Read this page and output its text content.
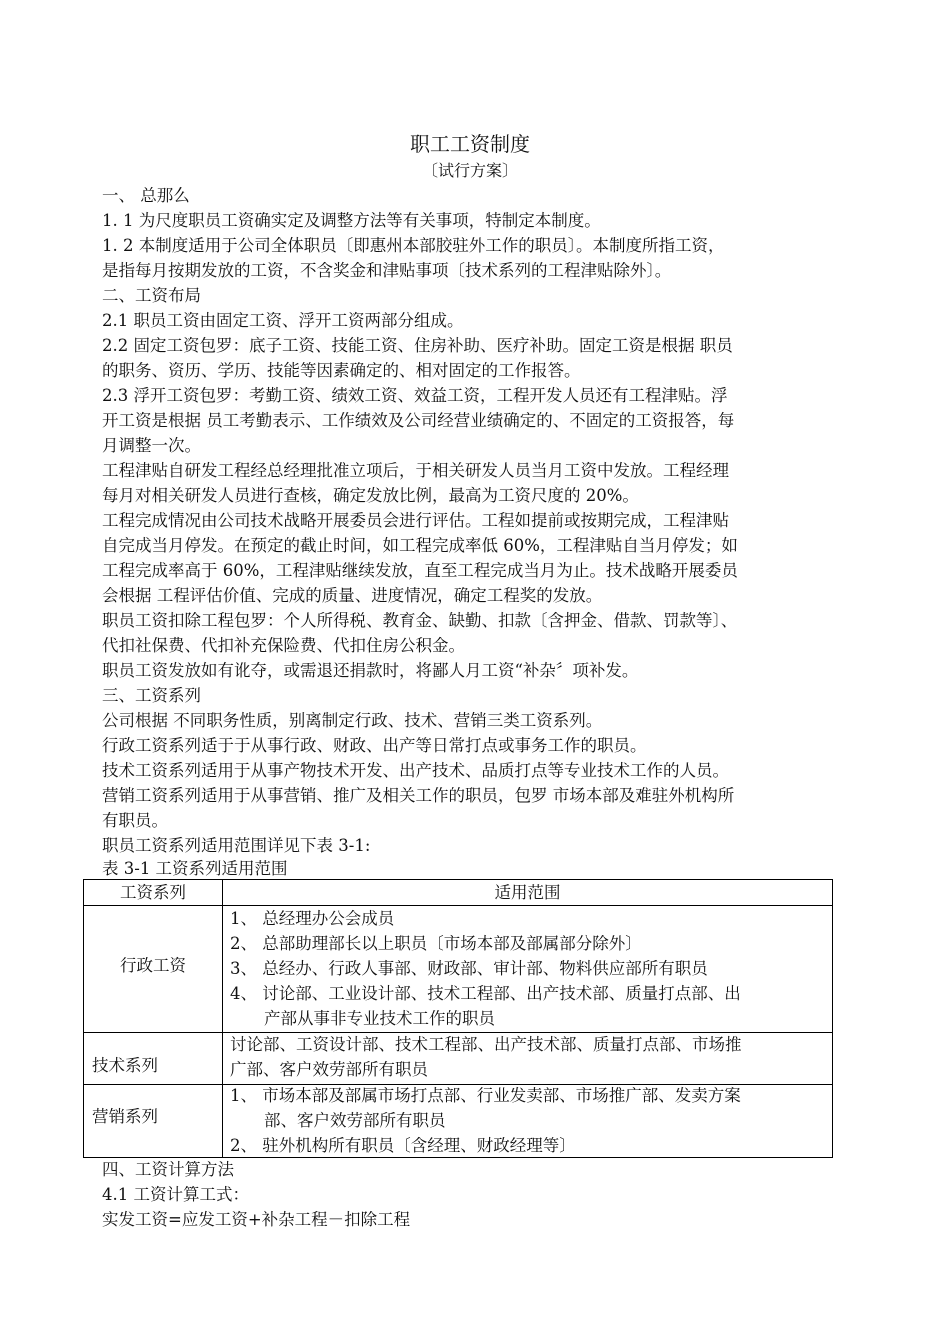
职工工资制度
〔试行方案〕
一、 总那么
1. 1 为尺度职员工资确实定及调整方法等有关事项，特制定本制度。
1. 2 本制度适用于公司全体职员〔即惠州本部胶驻外工作的职员〕。本制度所指工资，
是指每月按期发放的工资，不含奖金和津贴事项〔技术系列的工程津贴除外〕。
二、工资布局
2.1 职员工资由固定工资、浮开工资两部分组成。
2.2 固定工资包罗：底子工资、技能工资、住房补助、医疗补助。固定工资是根据 职员
的职务、资历、学历、技能等因素确定的、相对固定的工作报答。
2.3 浮开工资包罗：考勤工资、绩效工资、效益工资，工程开发人员还有工程津贴。浮
开工资是根据 员工考勤表示、工作绩效及公司经营业绩确定的、不固定的工资报答，每
月调整一次。
工程津贴自研发工程经总经理批准立项后，于相关研发人员当月工资中发放。工程经理
每月对相关研发人员进行查核，确定发放比例，最高为工资尺度的 20%。
工程完成情况由公司技术战略开展委员会进行评估。工程如提前或按期完成，工程津贴
自完成当月停发。在预定的截止时间，如工程完成率低 60%，工程津贴自当月停发；如
工程完成率高于 60%，工程津贴继续发放，直至工程完成当月为止。技术战略开展委员
会根据 工程评估价值、完成的质量、进度情况，确定工程奖的发放。
职员工资扣除工程包罗：个人所得税、教育金、缺勤、扣款〔含押金、借款、罚款等〕、
代扣社保费、代扣补充保险费、代扣住房公积金。
职员工资发放如有讹夺，或需退还捐款时，将鄙人月工资“补杂〞项补发。
三、工资系列
公司根据 不同职务性质，别离制定行政、技术、营销三类工资系列。
行政工资系列适于于从事行政、财政、出产等日常打点或事务工作的职员。
技术工资系列适用于从事产物技术开发、出产技术、品质打点等专业技术工作的人员。
营销工资系列适用于从事营销、推广及相关工作的职员，包罗 市场本部及难驻外机构所
有职员。
职员工资系列适用范围详见下表 3-1:
表 3-1 工资系列适用范围
工资系列	适用范围
行政工资
1、 总经理办公会成员
2、 总部助理部长以上职员〔市场本部及部属部分除外〕
3、 总经办、行政人事部、财政部、审计部、物料供应部所有职员
4、 讨论部、工业设计部、技术工程部、出产技术部、质量打点部、出
产部从事非专业技术工作的职员
技术系列
讨论部、工资设计部、技术工程部、出产技术部、质量打点部、市场推
广部、客户效劳部所有职员
营销系列
1、 市场本部及部属市场打点部、行业发卖部、市场推广部、发卖方案
部、客户效劳部所有职员
2、 驻外机构所有职员〔含经理、财政经理等〕
四、工资计算方法
4.1 工资计算工式：
实发工资=应发工资+补杂工程－扣除工程
